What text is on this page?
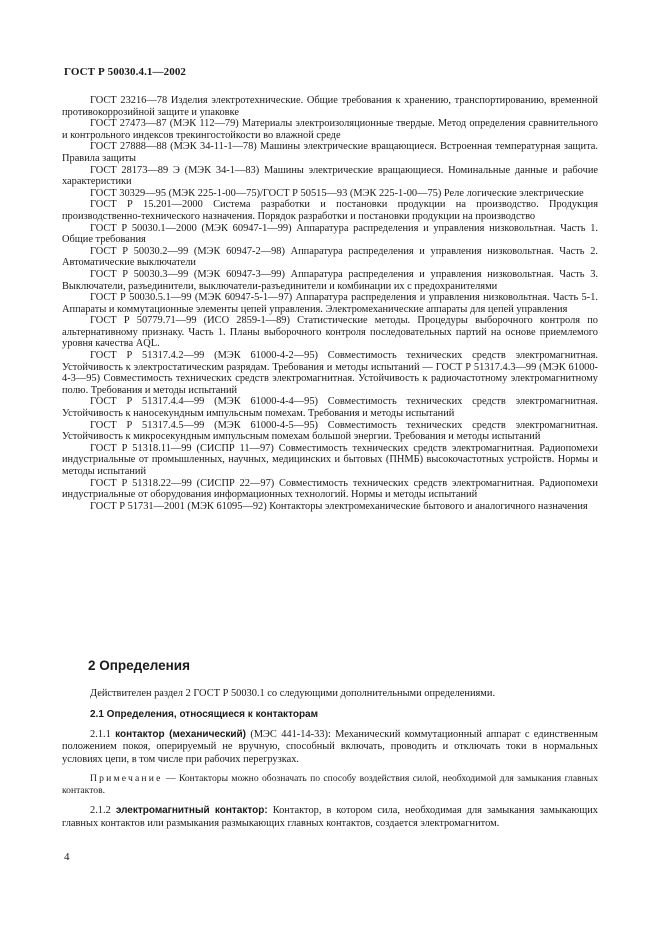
ГОСТ Р 50030.4.1—2002

ГОСТ 23216—78 Изделия электротехнические. Общие требования к хранению, транспортированию, временной противокоррозийной защите и упаковке

ГОСТ 27473—87 (МЭК 112—79) Материалы электроизоляционные твердые. Метод определения сравнительного и контрольного индексов трекингостойкости во влажной среде

ГОСТ 27888—88 (МЭК 34-11-1—78) Машины электрические вращающиеся. Встроенная температурная защита. Правила защиты

ГОСТ 28173—89 Э (МЭК 34-1—83) Машины электрические вращающиеся. Номинальные данные и рабочие характеристики

ГОСТ 30329—95 (МЭК 225-1-00—75)/ГОСТ Р 50515—93 (МЭК 225-1-00—75) Реле логические электрические

ГОСТ Р 15.201—2000 Система разработки и постановки продукции на производство. Продукция производственно-технического назначения. Порядок разработки и постановки продукции на производство

ГОСТ Р 50030.1—2000 (МЭК 60947-1—99) Аппаратура распределения и управления низковольтная. Часть 1. Общие требования

ГОСТ Р 50030.2—99 (МЭК 60947-2—98) Аппаратура распределения и управления низковольтная. Часть 2. Автоматические выключатели

ГОСТ Р 50030.3—99 (МЭК 60947-3—99) Аппаратура распределения и управления низковольтная. Часть 3. Выключатели, разъединители, выключатели-разъединители и комбинации их с предохранителями

ГОСТ Р 50030.5.1—99 (МЭК 60947-5-1—97) Аппаратура распределения и управления низковольтная. Часть 5-1. Аппараты и коммутационные элементы цепей управления. Электромеханические аппараты для цепей управления

ГОСТ Р 50779.71—99 (ИСО 2859-1—89) Статистические методы. Процедуры выборочного контроля по альтернативному признаку. Часть 1. Планы выборочного контроля последовательных партий на основе приемлемого уровня качества AQL.

ГОСТ Р 51317.4.2—99 (МЭК 61000-4-2—95) Совместимость технических средств электромагнитная. Устойчивость к электростатическим разрядам. Требования и методы испытаний — ГОСТ Р 51317.4.3—99 (МЭК 61000-4-3—95) Совместимость технических средств электромагнитная. Устойчивость к радиочастотному электромагнитному полю. Требования и методы испытаний

ГОСТ Р 51317.4.4—99 (МЭК 61000-4-4—95) Совместимость технических средств электромагнитная. Устойчивость к наносекундным импульсным помехам. Требования и методы испытаний

ГОСТ Р 51317.4.5—99 (МЭК 61000-4-5—95) Совместимость технических средств электромагнитная. Устойчивость к микросекундным импульсным помехам большой энергии. Требования и методы испытаний

ГОСТ Р 51318.11—99 (СИСПР 11—97) Совместимость технических средств электромагнитная. Радиопомехи индустриальные от промышленных, научных, медицинских и бытовых (ПНМБ) высокочастотных устройств. Нормы и методы испытаний

ГОСТ Р 51318.22—99 (СИСПР 22—97) Совместимость технических средств электромагнитная. Радиопомехи индустриальные от оборудования информационных технологий. Нормы и методы испытаний

ГОСТ Р 51731—2001 (МЭК 61095—92) Контакторы электромеханические бытового и аналогичного назначения

2 Определения

Действителен раздел 2 ГОСТ Р 50030.1 со следующими дополнительными определениями.

2.1 Определения, относящиеся к контакторам

2.1.1 контактор (механический) (МЭС 441-14-33): Механический коммутационный аппарат с единственным положением покоя, оперируемый не вручную, способный включать, проводить и отключать токи в нормальных условиях цепи, в том числе при рабочих перегрузках.

Примечание — Контакторы можно обозначать по способу воздействия силой, необходимой для замыкания главных контактов.

2.1.2 электромагнитный контактор: Контактор, в котором сила, необходимая для замыкания замыкающих главных контактов или размыкания размыкающих главных контактов, создается электромагнитом.

4
